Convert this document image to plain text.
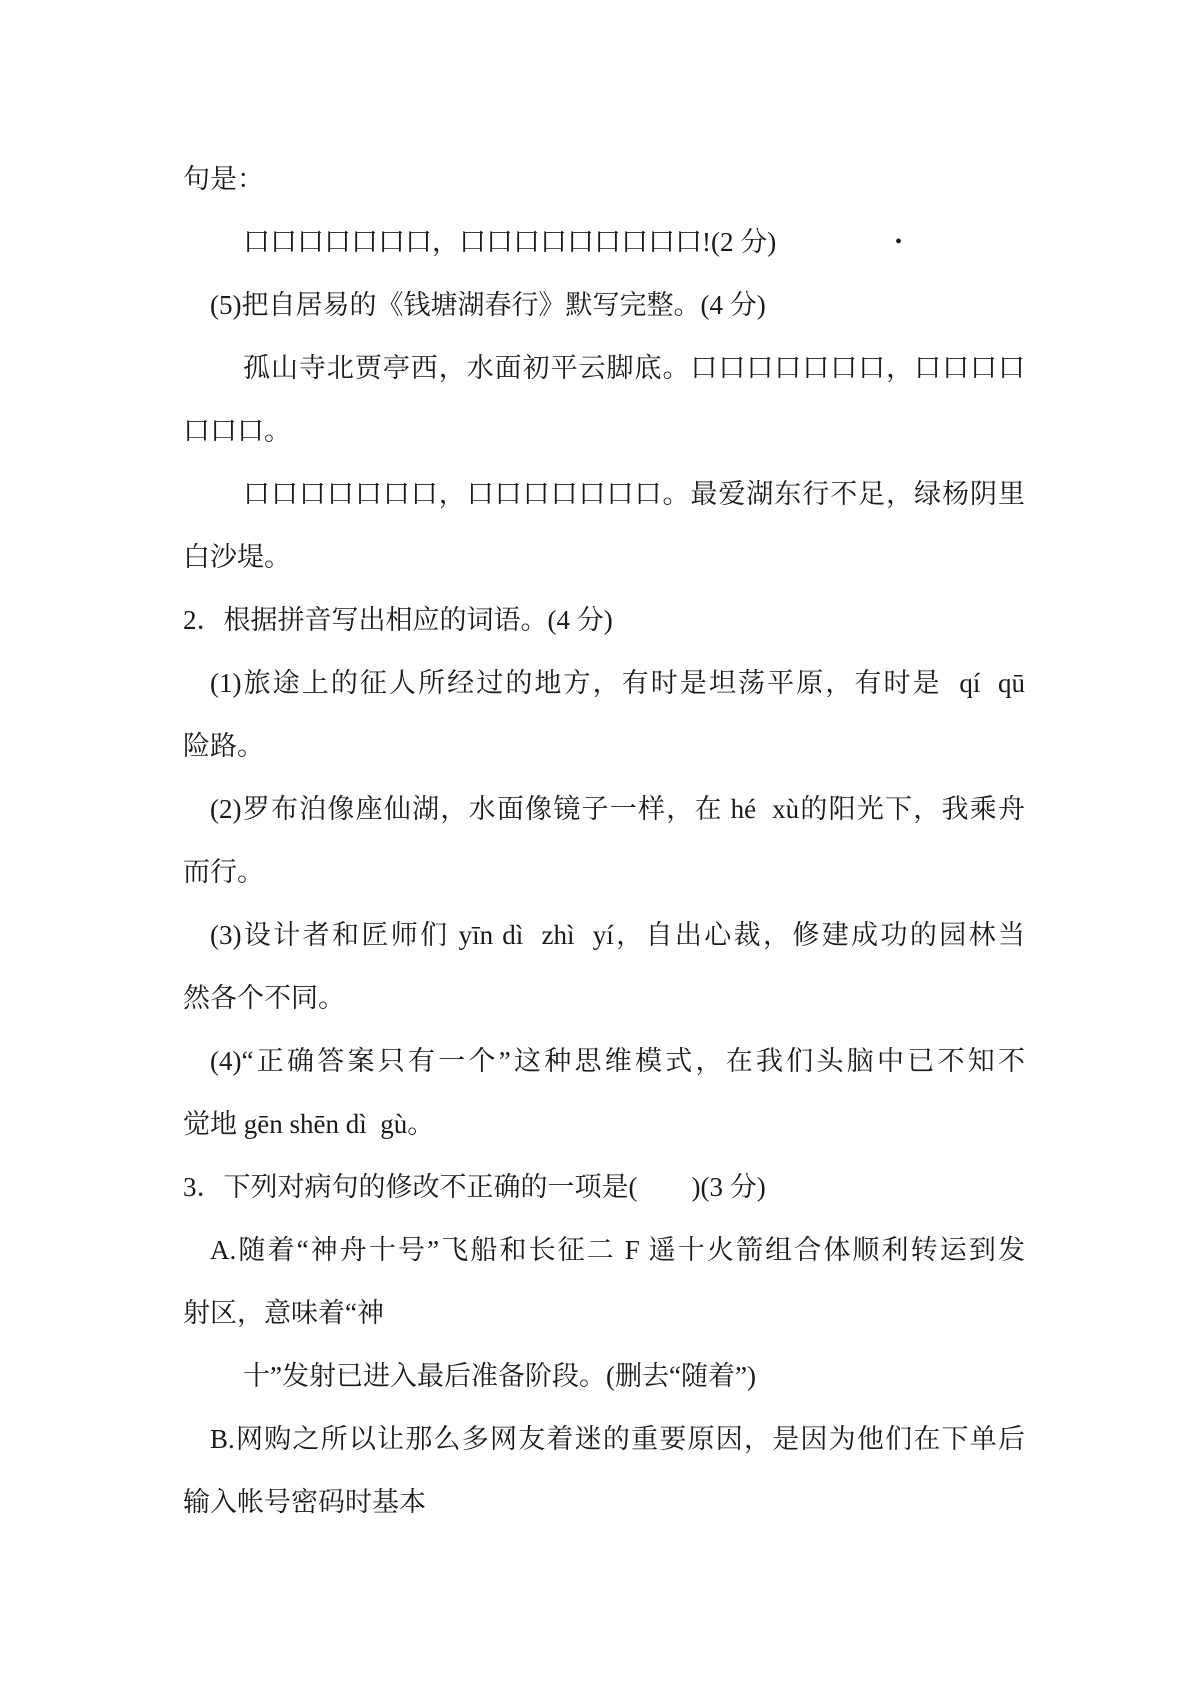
句是：
口口口口口口口，口口口口口口口口口!(2 分)	•
(5)把自居易的《钱塘湖春行》默写完整。(4 分)
孤山寺北贾亭西，水面初平云脚底。口口口口口口口，口口口口
口口口。
口口口口口口口，口口口口口口口。最爱湖东行不足，绿杨阴里
白沙堤。
2．根据拼音写出相应的词语。(4 分)
(1)旅途上的征人所经过的地方，有时是坦荡平原，有时是  qí  qū
险路。
(2)罗布泊像座仙湖，水面像镜子一样，在 hé  xù的阳光下，我乘舟
而行。
(3)设计者和匠师们 yīn dì  zhì  yí，自出心裁，修建成功的园林当
然各个不同。
(4)“正确答案只有一个”这种思维模式，在我们头脑中已不知不
觉地 gēn shēn dì  gù。
3．下列对病句的修改不正确的一项是(        )(3 分)
A.随着“神舟十号”飞船和长征二 F 遥十火箭组合体顺利转运到发
射区，意味着“神
十”发射已进入最后准备阶段。(删去“随着”)
B.网购之所以让那么多网友着迷的重要原因，是因为他们在下单后
输入帐号密码时基本
